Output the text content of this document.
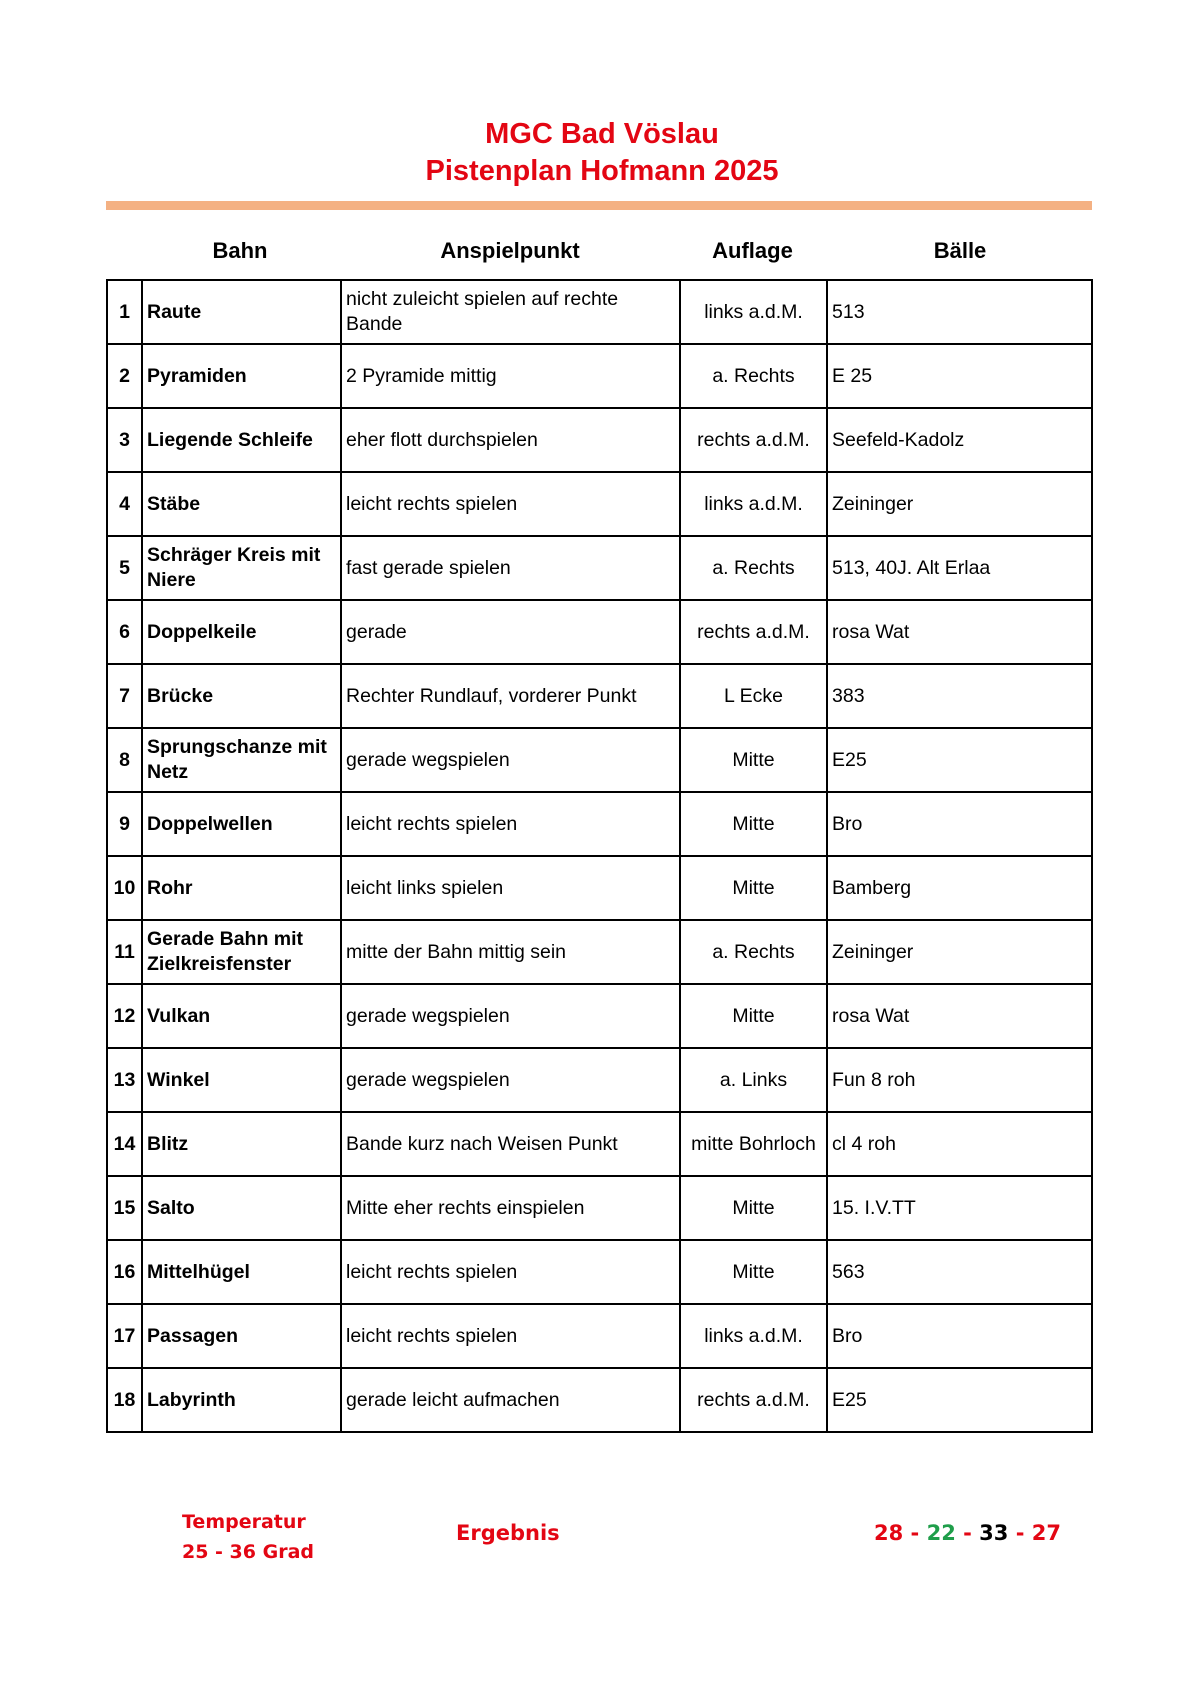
MGC Bad Vöslau
Pistenplan Hofmann 2025
Bahn	Anspielpunkt	Auflage	Bälle
1	Raute	nicht zuleicht spielen auf rechte Bande	links a.d.M.	513
2	Pyramiden	2 Pyramide mittig	a. Rechts	E 25
3	Liegende Schleife	eher flott durchspielen	rechts a.d.M.	Seefeld-Kadolz
4	Stäbe	leicht rechts spielen	links a.d.M.	Zeininger
5	Schräger Kreis mit Niere	fast gerade spielen	a. Rechts	513, 40J. Alt Erlaa
6	Doppelkeile	gerade	rechts a.d.M.	rosa Wat
7	Brücke	Rechter Rundlauf, vorderer Punkt	L Ecke	383
8	Sprungschanze mit Netz	gerade wegspielen	Mitte	E25
9	Doppelwellen	leicht rechts spielen	Mitte	Bro
10	Rohr	leicht links spielen	Mitte	Bamberg
11	Gerade Bahn mit Zielkreisfenster	mitte der Bahn mittig sein	a. Rechts	Zeininger
12	Vulkan	gerade wegspielen	Mitte	rosa Wat
13	Winkel	gerade wegspielen	a. Links	Fun 8 roh
14	Blitz	Bande kurz nach Weisen Punkt	mitte Bohrloch	cl 4 roh
15	Salto	Mitte eher rechts einspielen	Mitte	15. I.V.TT
16	Mittelhügel	leicht rechts spielen	Mitte	563
17	Passagen	leicht rechts spielen	links a.d.M.	Bro
18	Labyrinth	gerade leicht aufmachen	rechts a.d.M.	E25
Temperatur
25 - 36 Grad
Ergebnis	28 - 22 - 33 - 27
